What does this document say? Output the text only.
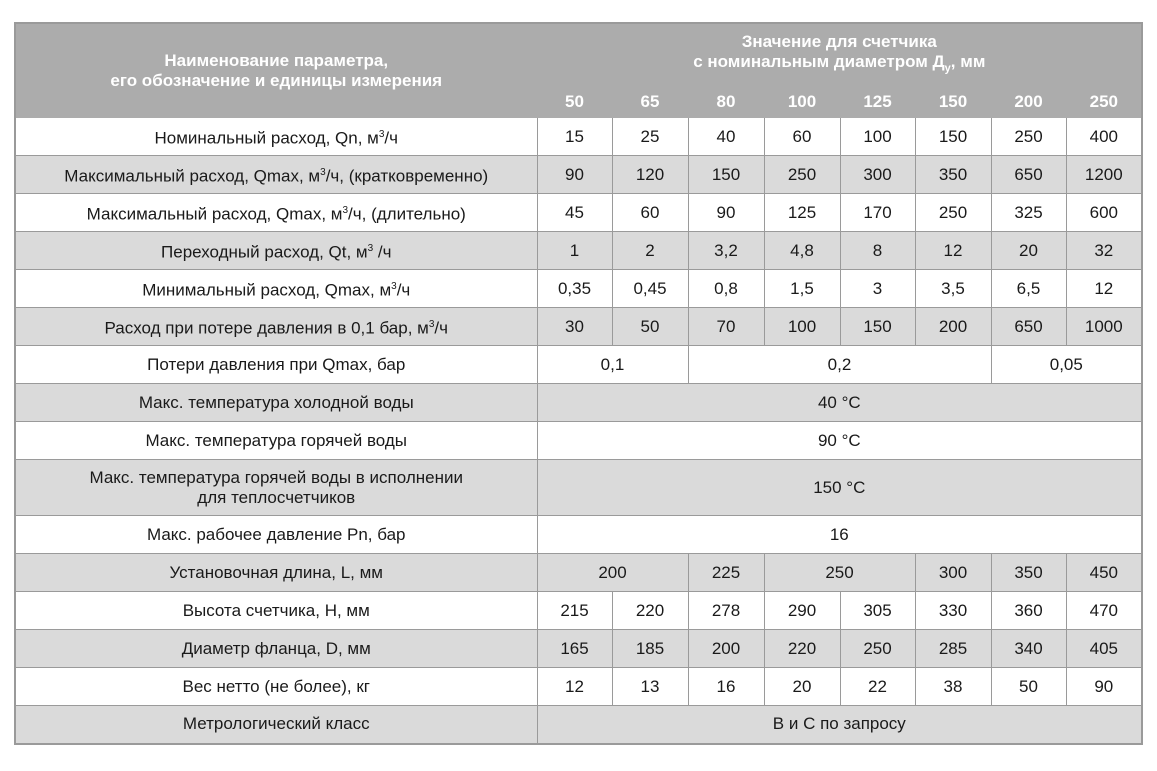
Наименование параметра,
его обозначение и единицы измерения	Значение для счетчика
с номинальным диаметром $Д_у$, мм							
	50	65	80	100	125	150	200	250
Номинальный расход, Qn, $м^3/ч$	15	25	40	60	100	150	250	400
Максимальный расход, Qmax, $м^3/ч$, (кратковременно)	90	120	150	250	300	350	650	1200
Максимальный расход, Qmax, $м^3/ч$, (длительно)	45	60	90	125	170	250	325	600
Переходный расход, Qt, $м^3$ /ч	1	2	3,2	4,8	8	12	20	32
Минимальный расход, Qmax, $м^3/ч$	0,35	0,45	0,8	1,5	3	3,5	6,5	12
Расход при потере давления в 0,1 бар, $м^3/ч$	30	50	70	100	150	200	650	1000
Потери давления при Qmax, бар	0,1		0,2				0,05	
Макс. температура холодной воды	40 °C							
Макс. температура горячей воды	90 °C							
Макс. температура горячей воды в исполнении
для теплосчетчиков	150 °C							
Макс. рабочее давление Pn, бар	16							
Установочная длина, L, мм	200		225	250		300	350	450
Высота счетчика, H, мм	215	220	278	290	305	330	360	470
Диаметр фланца, D, мм	165	185	200	220	250	285	340	405
Вес нетто (не более), кг	12	13	16	20	22	38	50	90
Метрологический класс	В и С по запросу							
